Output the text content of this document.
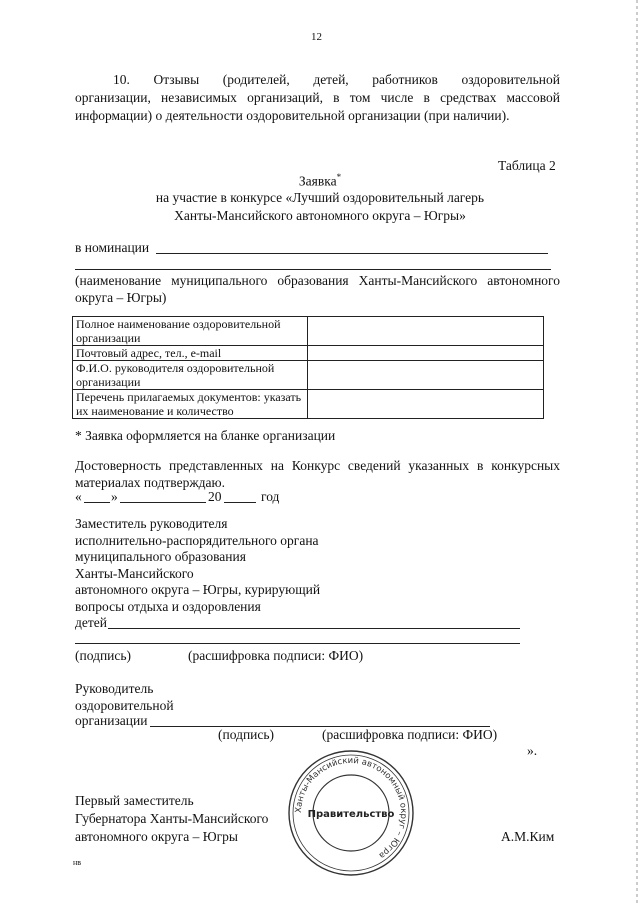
12
10. Отзывы (родителей, детей, работников оздоровительной
организации, независимых организаций, в том числе в средствах массовой
информации) о деятельности оздоровительной организации (при наличии).
Таблица 2
Заявка*
на участие в конкурсе «Лучший оздоровительный лагерь
Ханты-Мансийского автономного округа – Югры»
в номинации
(наименование муниципального образования Ханты-Мансийского автономного округа – Югры)
Полное наименование оздоровительной организации	
Почтовый адрес, тел., e-mail	
Ф.И.О. руководителя оздоровительной организации	
Перечень прилагаемых документов: указать их наименование и количество	
* Заявка оформляется на бланке организации
Достоверность представленных на Конкурс сведений указанных в конкурсных
материалах подтверждаю.
« »	20	год
Заместитель руководителя
исполнительно-распорядительного органа
муниципального образования
Ханты-Мансийского
автономного округа – Югры, курирующий
вопросы отдыха и оздоровления
детей
(подпись)	(расшифровка подписи: ФИО)
Руководитель
оздоровительной
организации
(подпись)	(расшифровка подписи: ФИО)
».
Ханты-Мансийский автономный округ – Югра
Правительство
Первый заместитель
Губернатора Ханты-Мансийского
автономного округа – Югры	А.М.Ким
нв
